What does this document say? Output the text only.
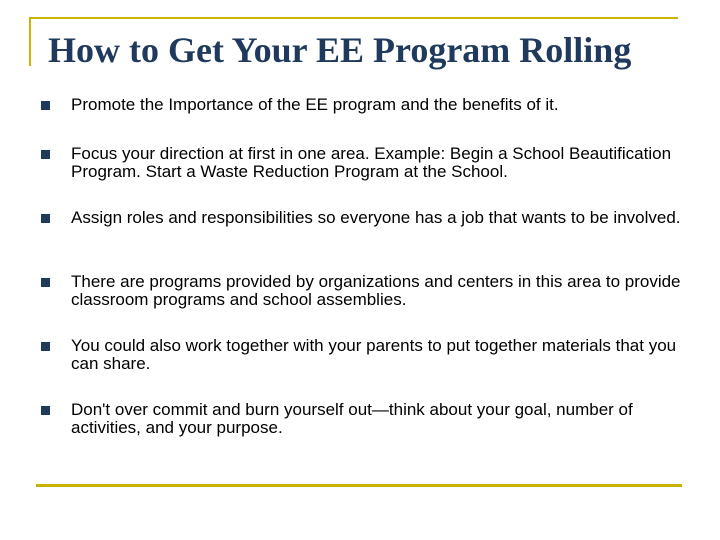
How to Get Your EE Program Rolling
Promote the Importance of the EE program and the benefits of it.
Focus your direction at first in one area. Example: Begin a School Beautification Program. Start a Waste Reduction Program at the School.
Assign roles and responsibilities so everyone has a job that wants to be involved.
There are programs provided by organizations and centers in this area to provide classroom programs and school assemblies.
You could also work together with your parents to put together materials that you can share.
Don't over commit and burn yourself out—think about your goal, number of activities, and your purpose.
